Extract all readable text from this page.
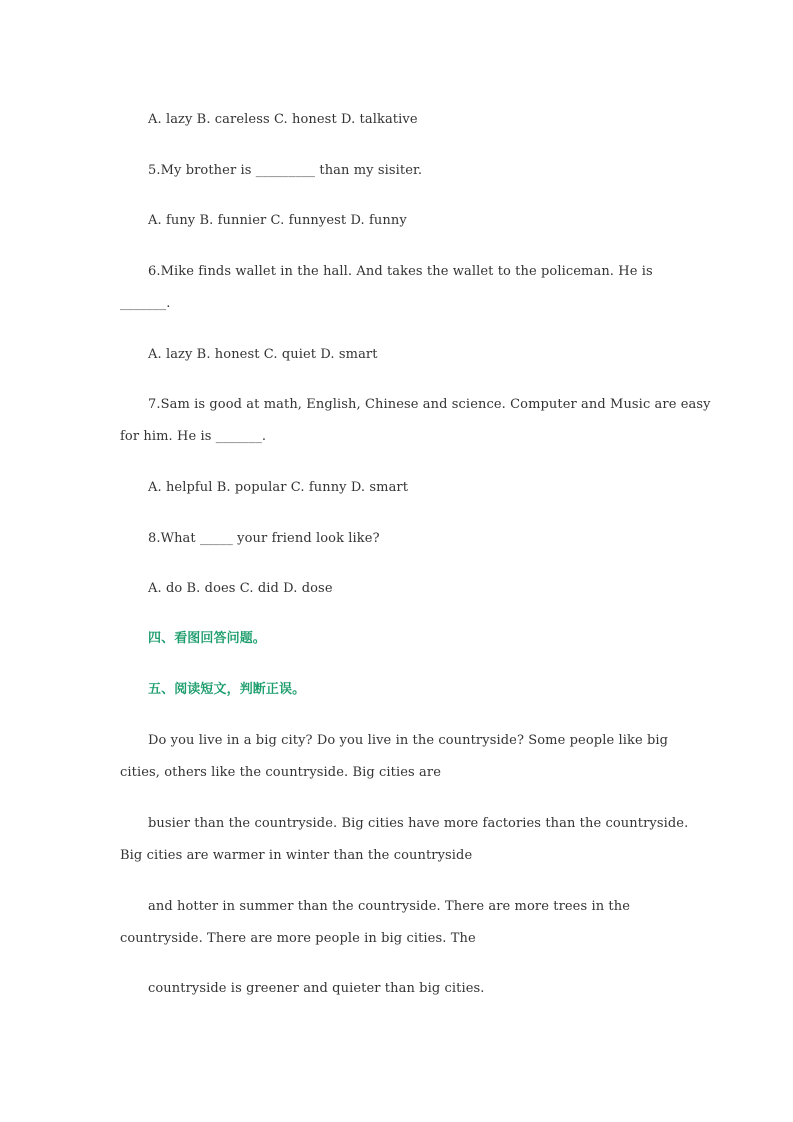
A. lazy B. careless C. honest D. talkative
5.My brother is _________ than my sisiter.
A. funy B. funnier C. funnyest D. funny
6.Mike finds wallet in the hall. And takes the wallet to the policeman. He is
_______.
A. lazy B. honest C. quiet D. smart
7.Sam is good at math, English, Chinese and science. Computer and Music are easy
for him. He is _______.
A. helpful B. popular C. funny D. smart
8.What _____ your friend look like?
A. do B. does C. did D. dose
四、看图回答问题。
五、阅读短文，判断正误。
Do you live in a big city? Do you live in the countryside? Some people like big
cities, others like the countryside. Big cities are
busier than the countryside. Big cities have more factories than the countryside.
Big cities are warmer in winter than the countryside
and hotter in summer than the countryside. There are more trees in the
countryside. There are more people in big cities. The
countryside is greener and quieter than big cities.
